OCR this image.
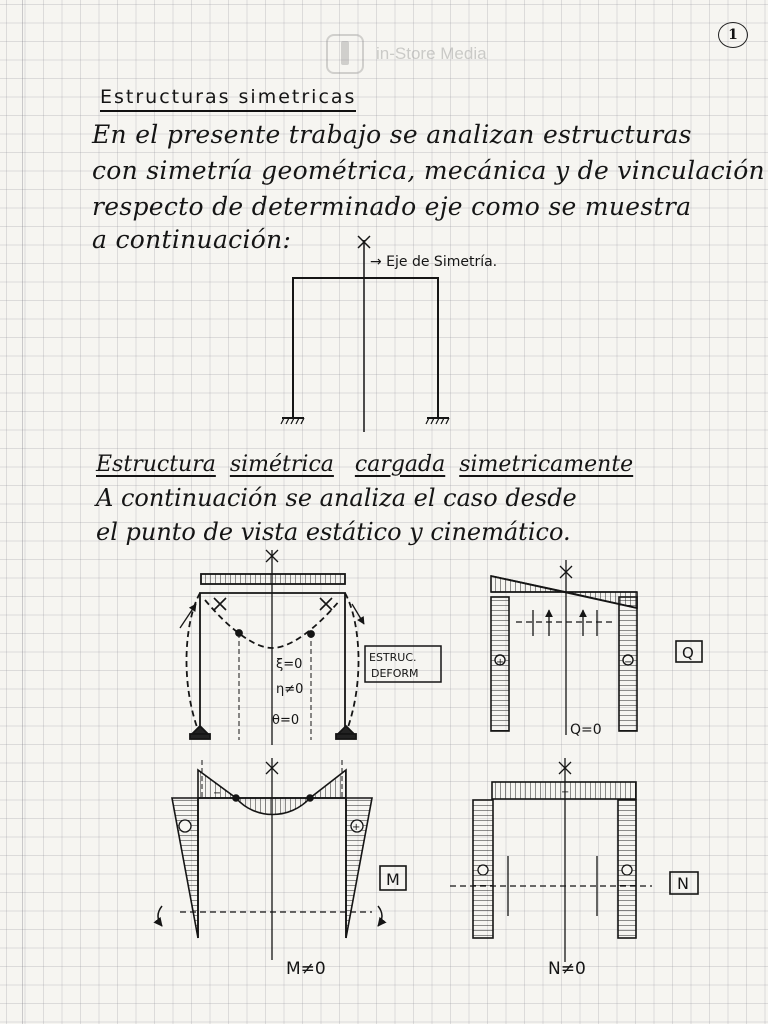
in-Store Media
1
Estructuras simetricas
En el presente trabajo se analizan estructuras
con simetría geométrica, mecánica y de vinculación
respecto de determinado eje como se muestra
a continuación:
→ Eje de Simetría.
Estructura simétrica cargada simetricamente
A continuación se analiza el caso desde
el punto de vista estático y cinemático.
ESTRUC.
DEFORM
ξ=0
η≠0
θ=0
+	−
Q
Q=0
−
+
M
M≠0
−
N
N≠0
